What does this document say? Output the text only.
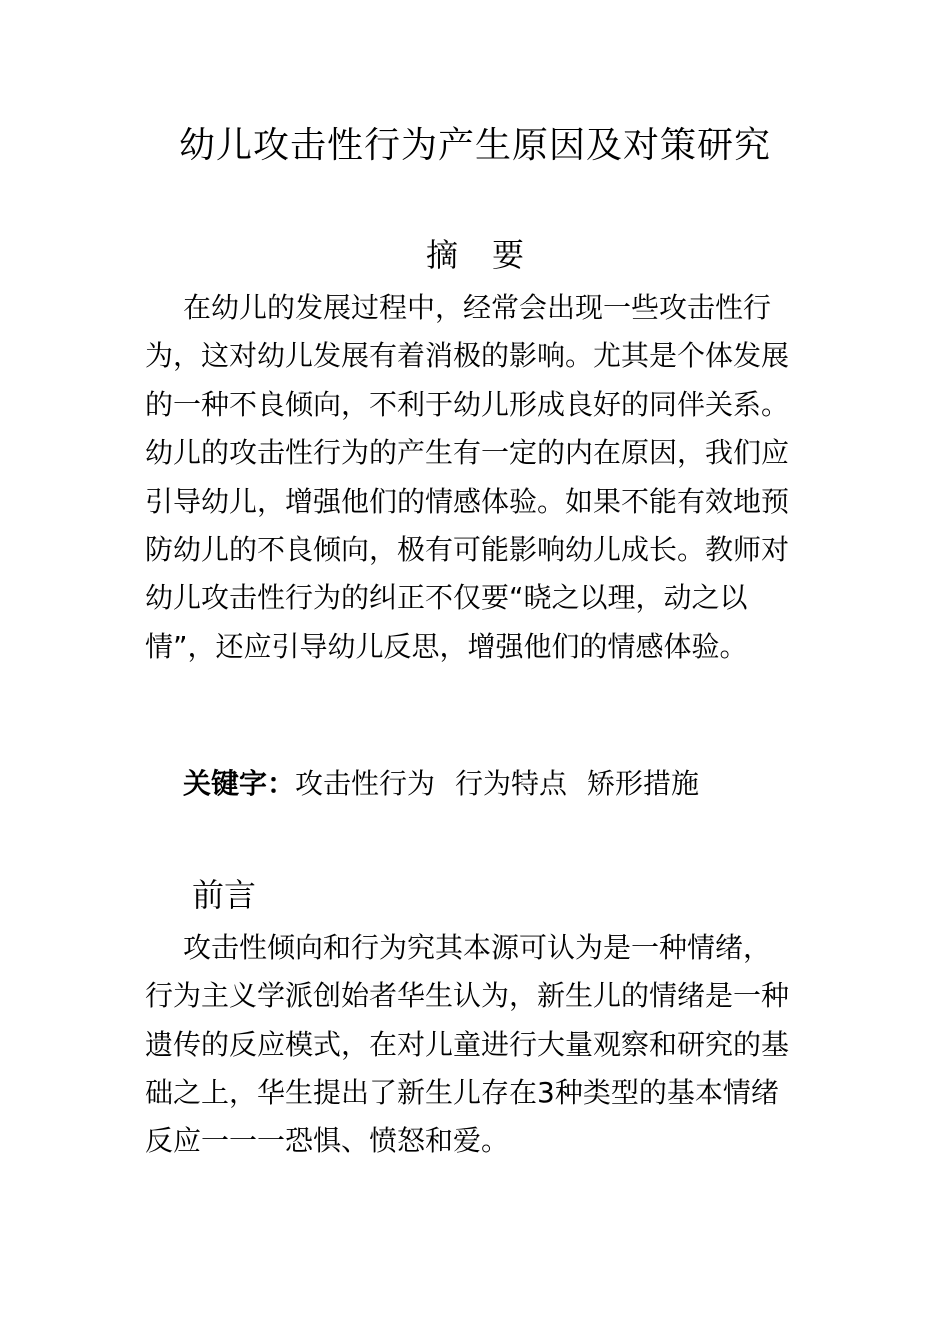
幼儿攻击性行为产生原因及对策研究
摘 要
在幼儿的发展过程中，经常会出现一些攻击性行为，这对幼儿发展有着消极的影响。尤其是个体发展的一种不良倾向，不利于幼儿形成良好的同伴关系。幼儿的攻击性行为的产生有一定的内在原因，我们应引导幼儿，增强他们的情感体验。如果不能有效地预防幼儿的不良倾向，极有可能影响幼儿成长。教师对幼儿攻击性行为的纠正不仅要“晓之以理，动之以情”，还应引导幼儿反思，增强他们的情感体验。
关键字：攻击性行为 行为特点 矫形措施
前言
攻击性倾向和行为究其本源可认为是一种情绪，行为主义学派创始者华生认为，新生儿的情绪是一种遗传的反应模式，在对儿童进行大量观察和研究的基础之上，华生提出了新生儿存在3种类型的基本情绪反应一一一恐惧、愤怒和爱。
